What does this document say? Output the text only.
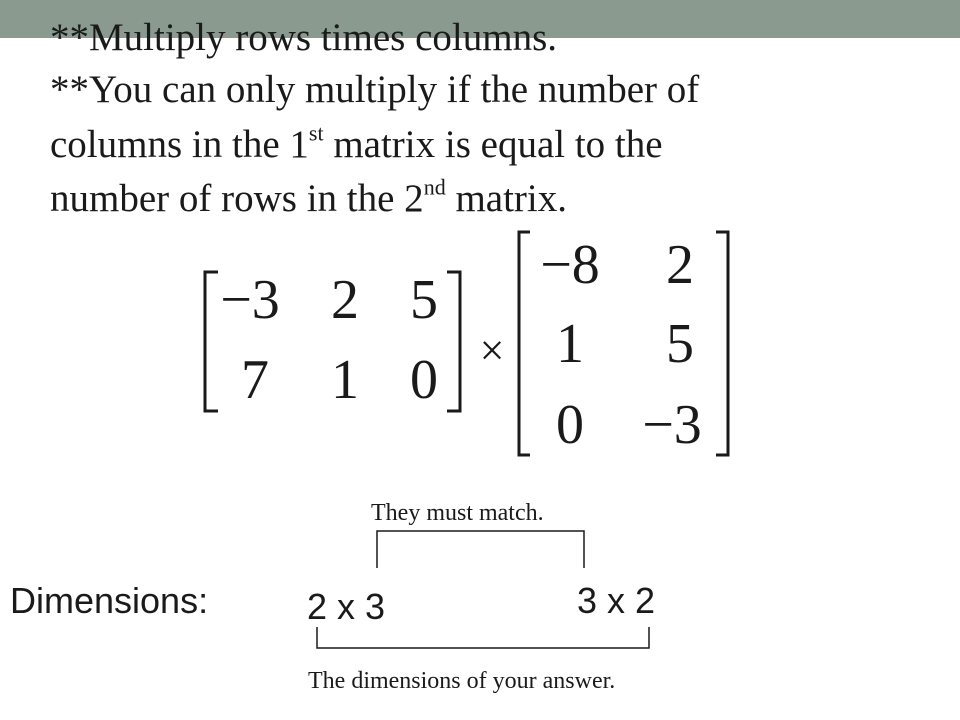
**Multiply rows times columns.
**You can only multiply if the number of
columns in the 1st matrix is equal to the
number of rows in the 2nd matrix.
−3 2 5
7 1 0 ×
−8 2
1 5
0 −3
They must match.
Dimensions:	2 x 3	3 x 2
The dimensions of your answer.
